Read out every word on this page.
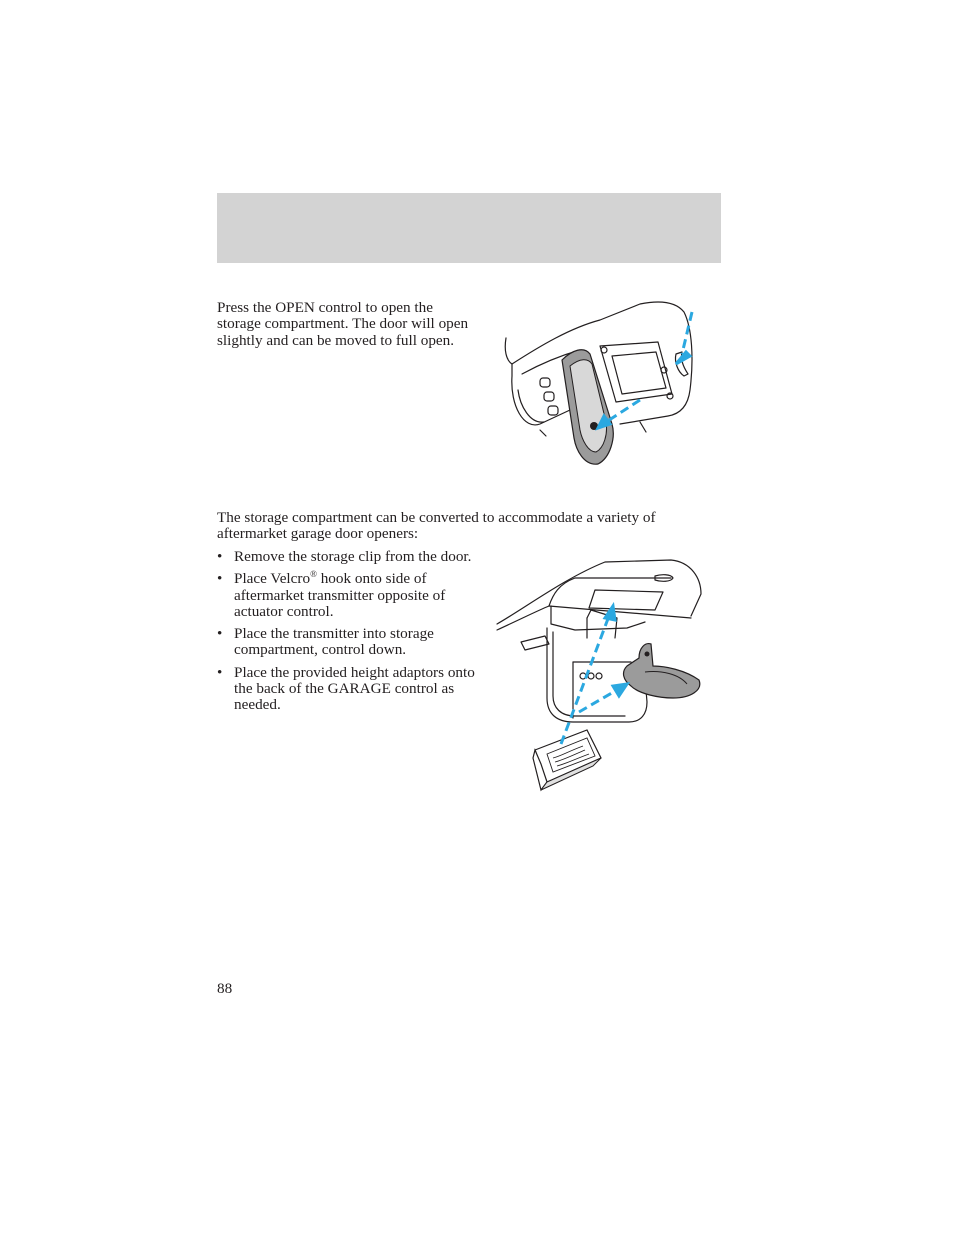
Press the OPEN control to open the storage compartment. The door will open slightly and can be moved to full open.

The storage compartment can be converted to accommodate a variety of aftermarket garage door openers:

• Remove the storage clip from the door.
• Place Velcro® hook onto side of aftermarket transmitter opposite of actuator control.
• Place the transmitter into storage compartment, control down.
• Place the provided height adaptors onto the back of the GARAGE control as needed.
88
